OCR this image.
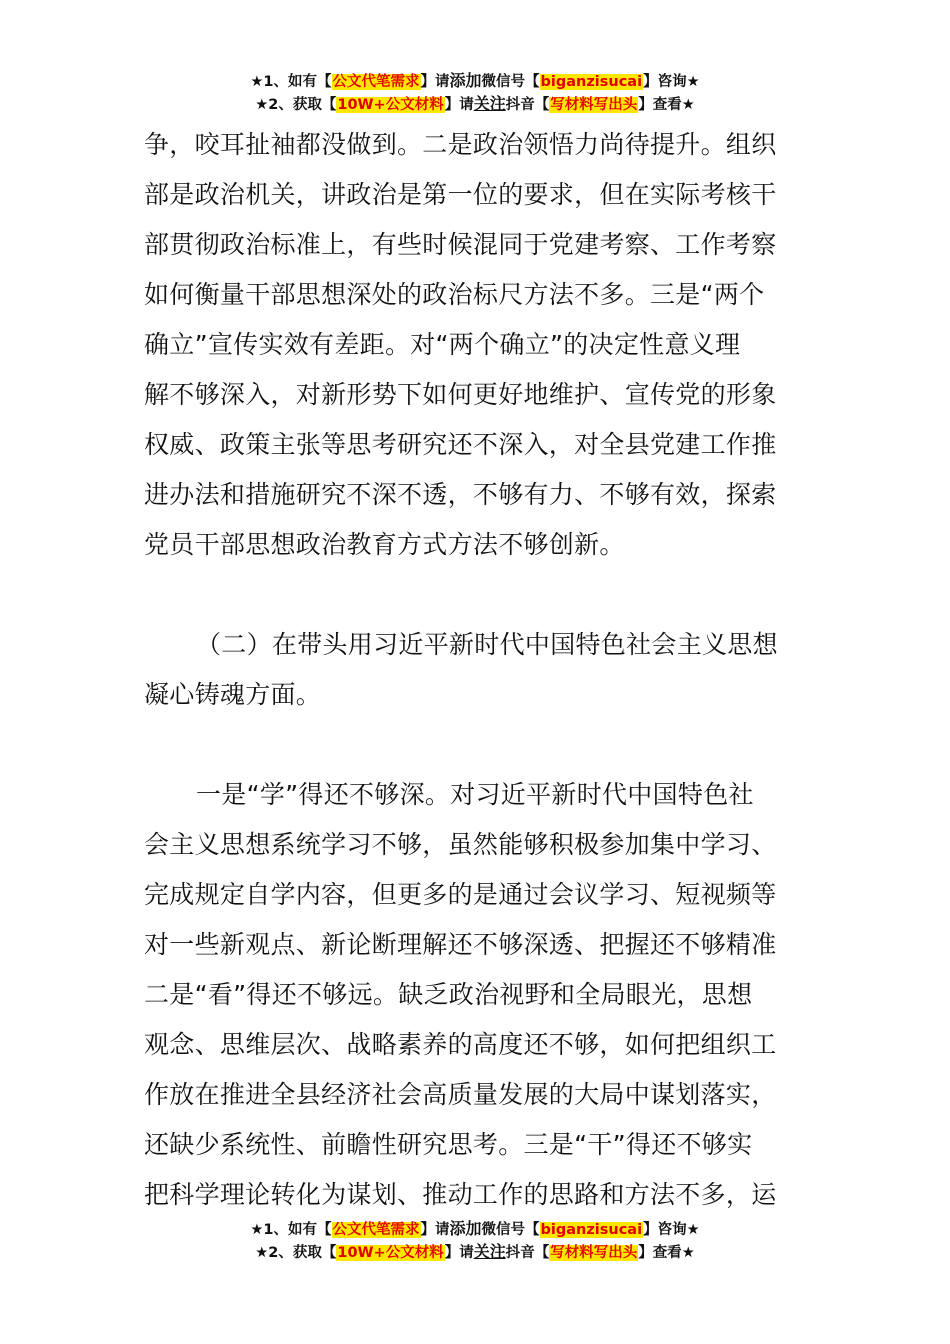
★1、如有【公文代笔需求】请添加微信号【biganzisucai】咨询★
★2、获取【10W+公文材料】请关注抖音【写材料写出头】查看★

争，咬耳扯袖都没做到。二是政治领悟力尚待提升。组织

部是政治机关，讲政治是第一位的要求，但在实际考核干

部贯彻政治标准上，有些时候混同于党建考察、工作考察

如何衡量干部思想深处的政治标尺方法不多。三是“两个

确立”宣传实效有差距。对“两个确立”的决定性意义理

解不够深入，对新形势下如何更好地维护、宣传党的形象

权威、政策主张等思考研究还不深入，对全县党建工作推

进办法和措施研究不深不透，不够有力、不够有效，探索

党员干部思想政治教育方式方法不够创新。

（二）在带头用习近平新时代中国特色社会主义思想

凝心铸魂方面。

一是“学”得还不够深。对习近平新时代中国特色社

会主义思想系统学习不够，虽然能够积极参加集中学习、

完成规定自学内容，但更多的是通过会议学习、短视频等

对一些新观点、新论断理解还不够深透、把握还不够精准

二是“看”得还不够远。缺乏政治视野和全局眼光，思想

观念、思维层次、战略素养的高度还不够，如何把组织工

作放在推进全县经济社会高质量发展的大局中谋划落实，

还缺少系统性、前瞻性研究思考。三是“干”得还不够实

把科学理论转化为谋划、推动工作的思路和方法不多，运

★1、如有【公文代笔需求】请添加微信号【biganzisucai】咨询★
★2、获取【10W+公文材料】请关注抖音【写材料写出头】查看★
